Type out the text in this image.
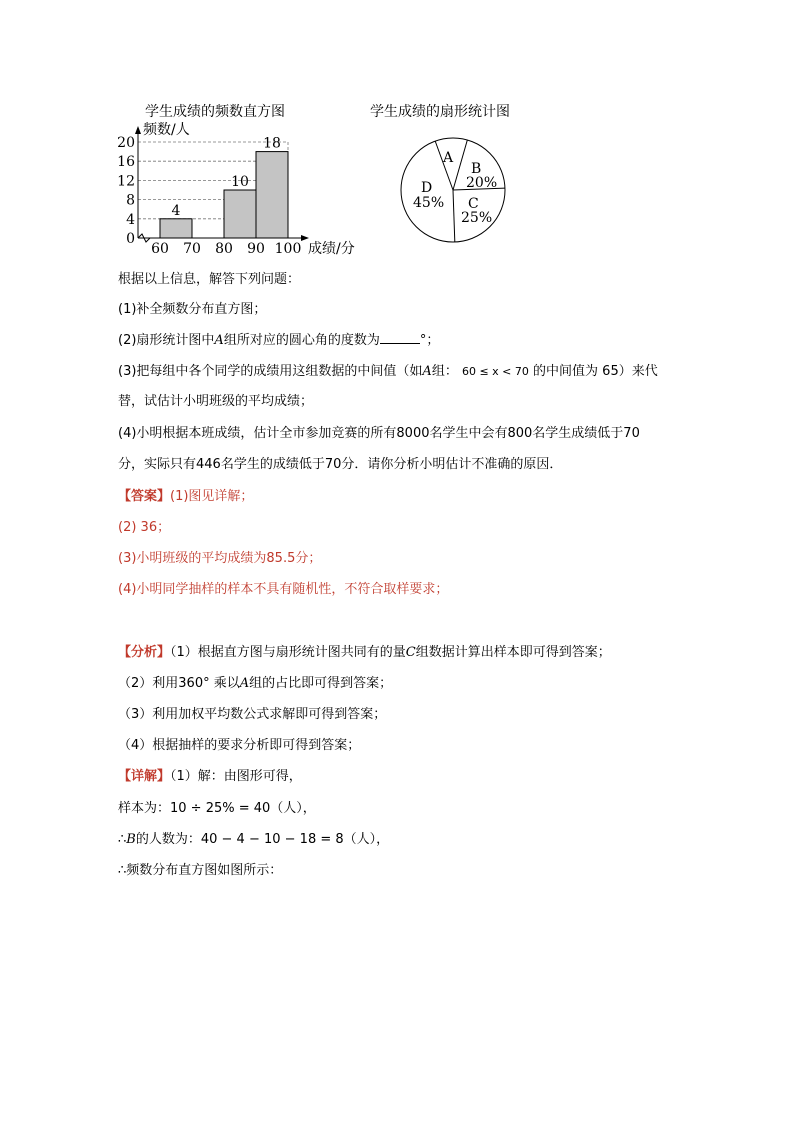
学生成绩的频数直方图
频数/人
0
4
8
12
16
20
60 70 80 90 100
4
10
18
成绩/分
学生成绩的扇形统计图
A
B
20%
C
25%
D
45%
根据以上信息，解答下列问题：
(1)补全频数分布直方图；
(2)扇形统计图中A组所对应的圆心角的度数为	°；
(3)把每组中各个同学的成绩用这组数据的中间值（如A组： 60 ≤ x < 70 的中间值为 65）来代
替，试估计小明班级的平均成绩；
(4)小明根据本班成绩，估计全市参加竞赛的所有8000名学生中会有800名学生成绩低于70
分，实际只有446名学生的成绩低于70分．请你分析小明估计不准确的原因．
【答案】(1)图见详解；
(2) 36；
(3)小明班级的平均成绩为85.5分；
(4)小明同学抽样的样本不具有随机性，不符合取样要求；
【分析】（1）根据直方图与扇形统计图共同有的量C组数据计算出样本即可得到答案；
（2）利用360° 乘以A组的占比即可得到答案；
（3）利用加权平均数公式求解即可得到答案；
（4）根据抽样的要求分析即可得到答案；
【详解】（1）解：由图形可得，
样本为：10 ÷ 25% = 40（人），
∴B的人数为：40 − 4 − 10 − 18 = 8（人），
∴频数分布直方图如图所示：
